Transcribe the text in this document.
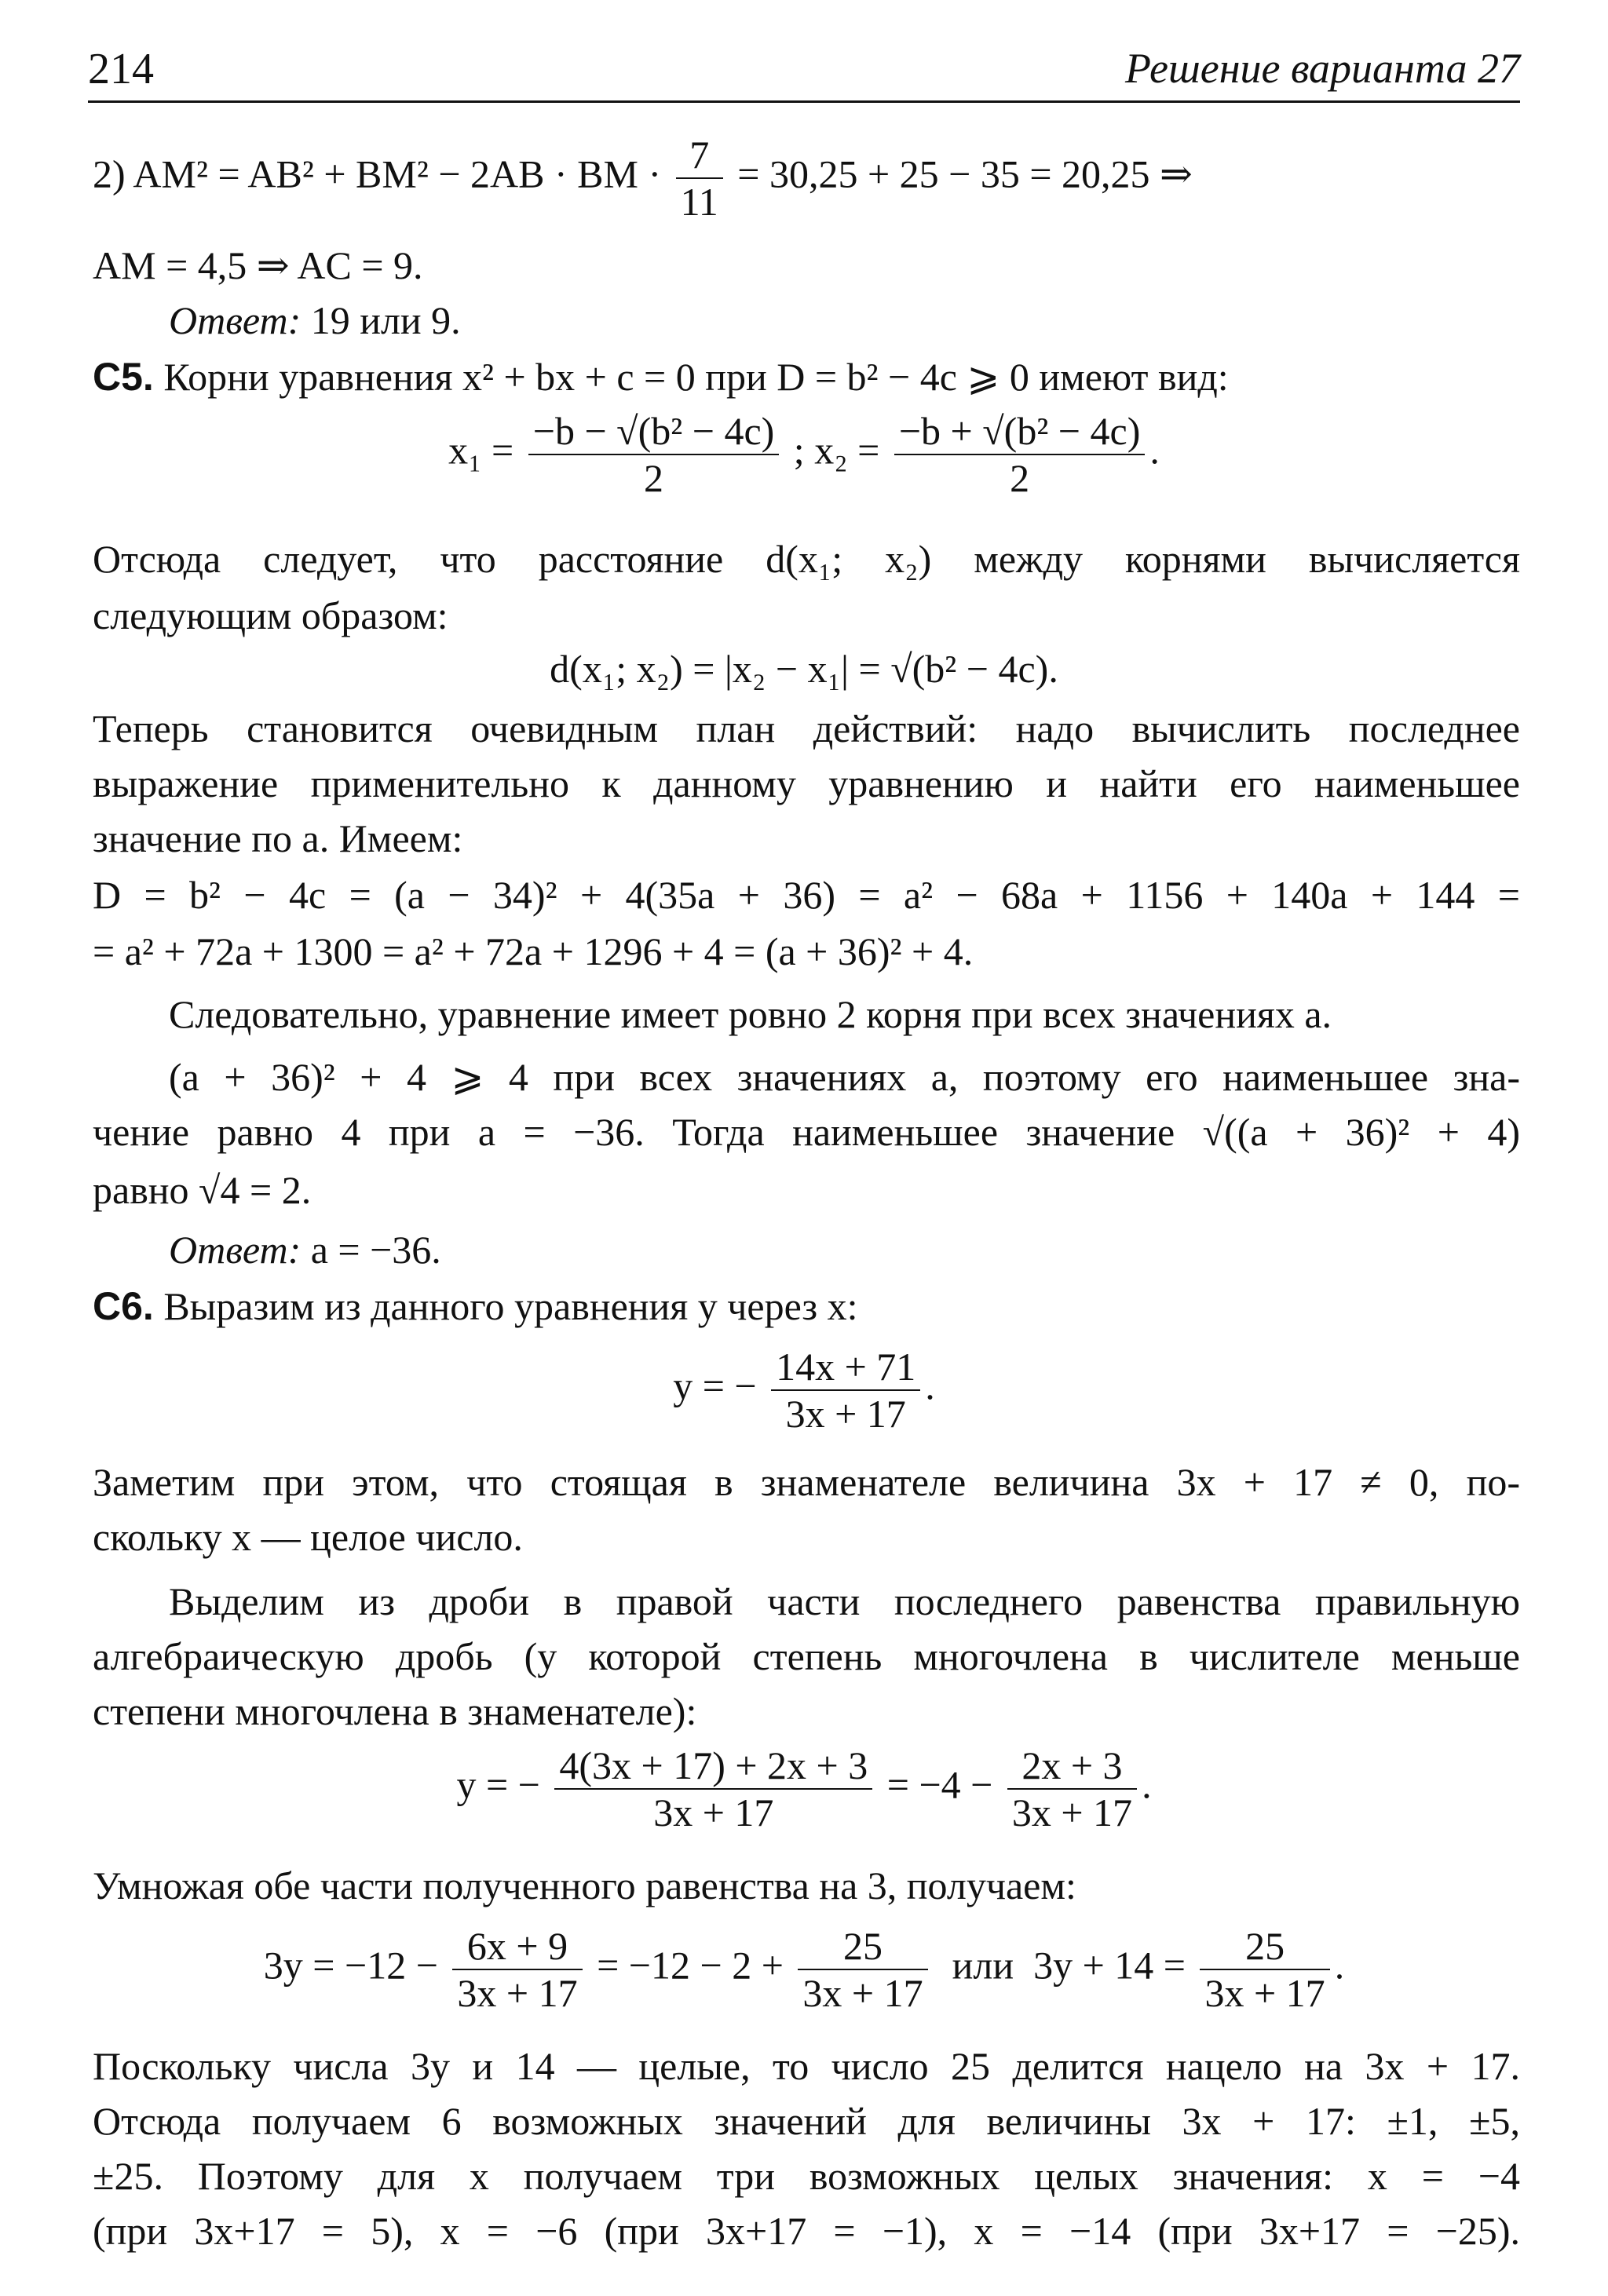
214	Решение варианта 27
2) AM² = AB² + BM² − 2AB · BM · $\frac{7}{11} = 30,25 + 25 - 35 = 20,25$ ⇒
AM = 4,5 ⇒ AC = 9.
Ответ: 19 или 9.
C5. Корни уравнения x² + bx + c = 0 при D = b² − 4c ⩾ 0 имеют вид:
$x_1 = \frac{\text{−b − √(b² − 4c)}}{2}$ ; $x_2 = \frac{\text{−b + √(b² − 4c)}}{2}$ .
Отсюда следует, что расстояние d(x₁; x₂) между корнями вычисляется
следующим образом:
d(x₁; x₂) = |x₂ − x₁| = √(b² − 4c).
Теперь становится очевидным план действий: надо вычислить последнее
выражение применительно к данному уравнению и найти его наименьшее
значение по a. Имеем:
D = b² − 4c = (a − 34)² + 4(35a + 36) = a² − 68a + 1156 + 140a + 144 =
= a² + 72a + 1300 = a² + 72a + 1296 + 4 = (a + 36)² + 4.
Следовательно, уравнение имеет ровно 2 корня при всех значениях a.
(a + 36)² + 4 ⩾ 4 при всех значениях a, поэтому его наименьшее зна-
чение равно 4 при a = −36. Тогда наименьшее значение √((a + 36)² + 4)
равно √4 = 2.
Ответ: a = −36.
C6. Выразим из данного уравнения y через x:
y = − $\frac{14x + 71}{3x + 17}$ .
Заметим при этом, что стоящая в знаменателе величина 3x + 17 ≠ 0, по-
скольку x — целое число.
Выделим из дроби в правой части последнего равенства правильную
алгебраическую дробь (у которой степень многочлена в числителе меньше
степени многочлена в знаменателе):
y = − $\frac{4(3x + 17) + 2x + 3}{3x + 17} = -4 - \frac{2x + 3}{3x + 17}$ .
Умножая обе части полученного равенства на 3, получаем:
$3y = -12 - \frac{6x + 9}{3x + 17} = -12 - 2 + \frac{25}{3x + 17}$ или $3y + 14 = \frac{25}{3x + 17}$ .
Поскольку числа 3y и 14 — целые, то число 25 делится нацело на 3x + 17.
Отсюда получаем 6 возможных значений для величины 3x + 17: ±1, ±5,
±25. Поэтому для x получаем три возможных целых значения: x = −4
(при 3x+17 = 5), x = −6 (при 3x+17 = −1), x = −14 (при 3x+17 = −25).
